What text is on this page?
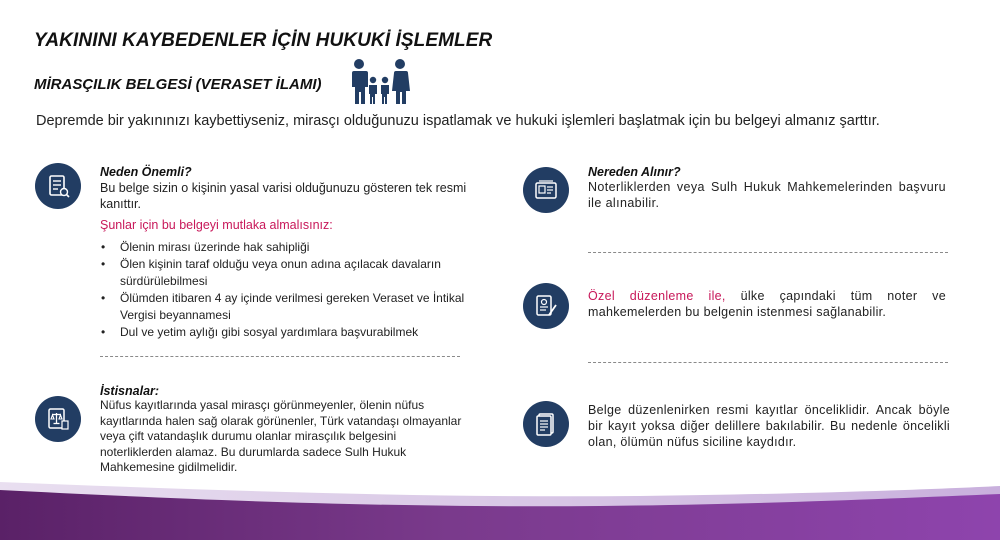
YAKININI KAYBEDENLER İÇİN HUKUKİ İŞLEMLER
MİRASÇILIK BELGESİ (VERASET İLAMI)
Depremde bir yakınınızı kaybettiyseniz, mirasçı olduğunuzu ispatlamak ve hukuki işlemleri başlatmak için bu belgeyi almanız şarttır.
Neden Önemli?
Bu belge sizin o kişinin yasal varisi olduğunuzu gösteren tek resmi kanıttır.
Şunlar için bu belgeyi mutlaka almalısınız:
• Ölenin mirası üzerinde hak sahipliği
• Ölen kişinin taraf olduğu veya onun adına açılacak davaların sürdürülebilmesi
• Ölümden itibaren 4 ay içinde verilmesi gereken Veraset ve İntikal Vergisi beyannamesi
• Dul ve yetim aylığı gibi sosyal yardımlara başvurabilmek
İstisnalar:
Nüfus kayıtlarında yasal mirasçı görünmeyenler, ölenin nüfus kayıtlarında halen sağ olarak görünenler, Türk vatandaşı olmayanlar veya çift vatandaşlık durumu olanlar mirasçılık belgesini noterliklerden alamaz. Bu durumlarda sadece Sulh Hukuk Mahkemesine gidilmelidir.
Nereden Alınır?
Noterliklerden veya Sulh Hukuk Mahkemelerinden başvuru ile alınabilir.
Özel düzenleme ile, ülke çapındaki tüm noter ve mahkemelerden bu belgenin istenmesi sağlanabilir.
Belge düzenlenirken resmi kayıtlar önceliklidir. Ancak böyle bir kayıt yoksa diğer delillere bakılabilir. Bu nedenle öncelikli olan, ölümün nüfus siciline kaydıdır.
